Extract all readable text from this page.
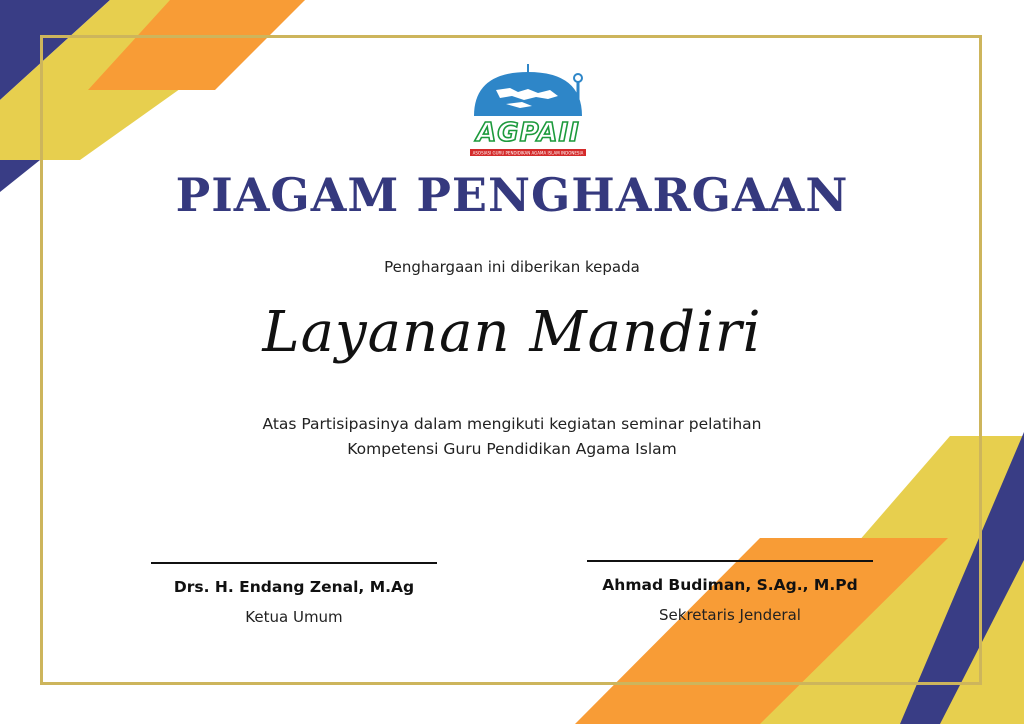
AGPAII
ASOSIASI GURU PENDIDIKAN AGAMA ISLAM INDONESIA
PIAGAM PENGHARGAAN
Penghargaan ini diberikan kepada
Layanan Mandiri
Atas Partisipasinya dalam mengikuti kegiatan seminar pelatihan
Kompetensi Guru Pendidikan Agama Islam
Drs. H. Endang Zenal, M.Ag
Ketua Umum
Ahmad Budiman, S.Ag., M.Pd
Sekretaris Jenderal
